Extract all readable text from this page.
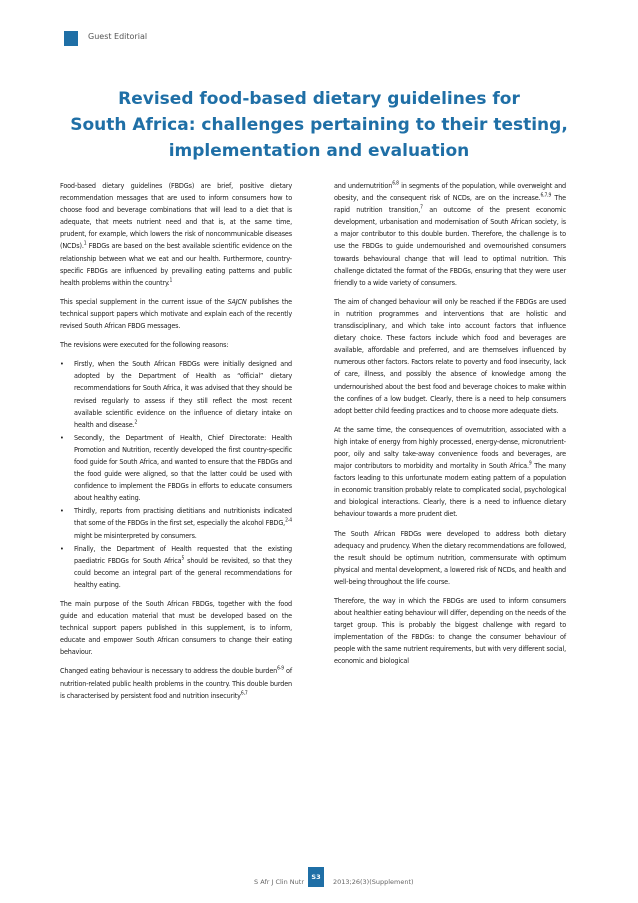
Guest Editorial
Revised food-based dietary guidelines for
South Africa: challenges pertaining to their testing,
implementation and evaluation

Food-based dietary guidelines (FBDGs) are brief, positive dietary recommendation messages that are used to inform consumers how to choose food and beverage combinations that will lead to a diet that is adequate, that meets nutrient need and that is, at the same time, prudent, for example, which lowers the risk of noncommunicable diseases (NCDs).$^1$ FBDGs are based on the best available scientific evidence on the relationship between what we eat and our health. Furthermore, country-specific FBDGs are influenced by prevailing eating patterns and public health problems within the country.$^1$

This special supplement in the current issue of the SAJCN publishes the technical support papers which motivate and explain each of the recently revised South African FBDG messages.

The revisions were executed for the following reasons:

• Firstly, when the South African FBDGs were initially designed and adopted by the Department of Health as “official” dietary recommendations for South Africa, it was advised that they should be revised regularly to assess if they still reflect the most recent available scientific evidence on the influence of dietary intake on health and disease.$^2$
• Secondly, the Department of Health, Chief Directorate: Health Promotion and Nutrition, recently developed the first country-specific food guide for South Africa, and wanted to ensure that the FBDGs and the food guide were aligned, so that the latter could be used with confidence to implement the FBDGs in efforts to educate consumers about healthy eating.
• Thirdly, reports from practising dietitians and nutritionists indicated that some of the FBDGs in the first set, especially the alcohol FBDG,$^{2-4}$ might be misinterpreted by consumers.
• Finally, the Department of Health requested that the existing paediatric FBDGs for South Africa$^5$ should be revisited, so that they could become an integral part of the general recommendations for healthy eating.

The main purpose of the South African FBDGs, together with the food guide and education material that must be developed based on the technical support papers published in this supplement, is to inform, educate and empower South African consumers to change their eating behaviour.

Changed eating behaviour is necessary to address the double burden$^{6-9}$ of nutrition-related public health problems in the country. This double burden is characterised by persistent food and nutrition insecurity$^{6,7}$

and undernutrition$^{6,8}$ in segments of the population, while overweight and obesity, and the consequent risk of NCDs, are on the increase.$^{6,7,9}$ The rapid nutrition transition,$^7$ an outcome of the present economic development, urbanisation and modernisation of South African society, is a major contributor to this double burden. Therefore, the challenge is to use the FBDGs to guide undernourished and overnourished consumers towards behavioural change that will lead to optimal nutrition. This challenge dictated the format of the FBDGs, ensuring that they were user friendly to a wide variety of consumers.

The aim of changed behaviour will only be reached if the FBDGs are used in nutrition programmes and interventions that are holistic and transdisciplinary, and which take into account factors that influence dietary choice. These factors include which food and beverages are available, affordable and preferred, and are themselves influenced by numerous other factors. Factors relate to poverty and food insecurity, lack of care, illness, and possibly the absence of knowledge among the undernourished about the best food and beverage choices to make within the confines of a low budget. Clearly, there is a need to help consumers adopt better child feeding practices and to choose more adequate diets.

At the same time, the consequences of overnutrition, associated with a high intake of energy from highly processed, energy-dense, micronutrient-poor, oily and salty take-away convenience foods and beverages, are major contributors to morbidity and mortality in South Africa.$^9$ The many factors leading to this unfortunate modern eating pattern of a population in economic transition probably relate to complicated social, psychological and biological interactions. Clearly, there is a need to influence dietary behaviour towards a more prudent diet.

The South African FBDGs were developed to address both dietary adequacy and prudency. When the dietary recommendations are followed, the result should be optimum nutrition, commensurate with optimum physical and mental development, a lowered risk of NCDs, and health and well-being throughout the life course.

Therefore, the way in which the FBDGs are used to inform consumers about healthier eating behaviour will differ, depending on the needs of the target group. This is probably the biggest challenge with regard to implementation of the FBDGs: to change the consumer behaviour of people with the same nutrient requirements, but with very different social, economic and biological

S Afr J Clin Nutr
S3
2013;26(3)(Supplement)
